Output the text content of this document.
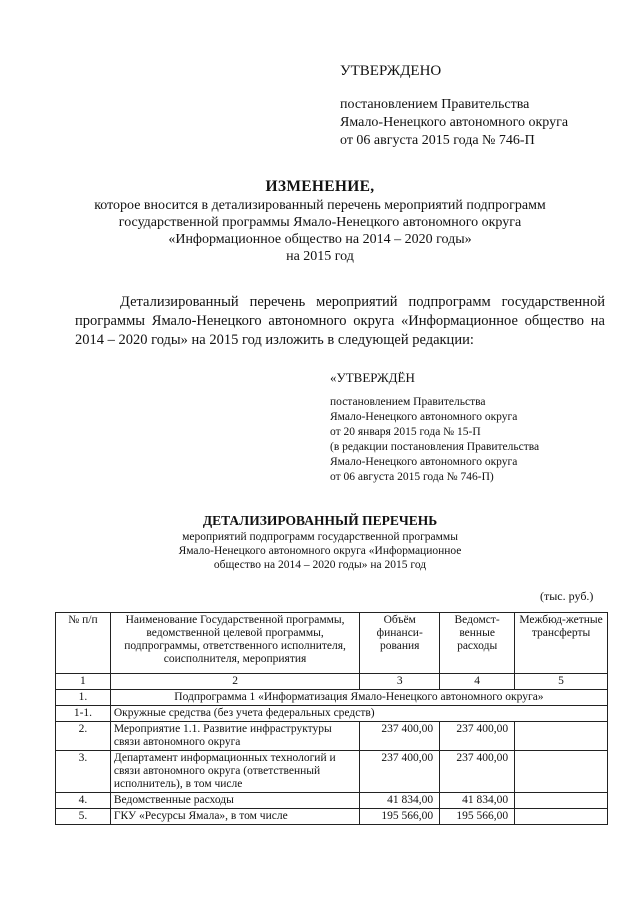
УТВЕРЖДЕНО
постановлением Правительства
Ямало-Ненецкого автономного округа
от 06 августа 2015 года № 746-П
ИЗМЕНЕНИЕ,
которое вносится в детализированный перечень мероприятий подпрограмм
государственной программы Ямало-Ненецкого автономного округа
«Информационное общество на 2014 – 2020 годы»
на 2015 год
Детализированный перечень мероприятий подпрограмм государственной программы Ямало-Ненецкого автономного округа «Информационное общество на 2014 – 2020 годы» на 2015 год изложить в следующей редакции:
«УТВЕРЖДЁН
постановлением Правительства
Ямало-Ненецкого автономного округа
от 20 января 2015 года № 15-П
(в редакции постановления Правительства
Ямало-Ненецкого автономного округа
от 06 августа 2015 года № 746-П)
ДЕТАЛИЗИРОВАННЫЙ ПЕРЕЧЕНЬ
мероприятий подпрограмм государственной программы
Ямало-Ненецкого автономного округа «Информационное
общество на 2014 – 2020 годы» на 2015 год
(тыс. руб.)
№ п/п	Наименование Государственной программы, ведомственной целевой программы, подпрограммы, ответственного исполнителя, соисполнителя, мероприятия	Объём финанси-рования	Ведомст-венные расходы	Межбюд-жетные трансферты
1	2	3	4	5
1.	Подпрограмма 1 «Информатизация Ямало-Ненецкого автономного округа»			
1-1.	Окружные средства (без учета федеральных средств)			
2.	Мероприятие 1.1. Развитие инфраструктуры связи автономного округа	237 400,00	237 400,00	
3.	Департамент информационных технологий и связи автономного округа (ответственный исполнитель), в том числе	237 400,00	237 400,00	
4.	Ведомственные расходы	41 834,00	41 834,00	
5.	ГКУ «Ресурсы Ямала», в том числе	195 566,00	195 566,00	
